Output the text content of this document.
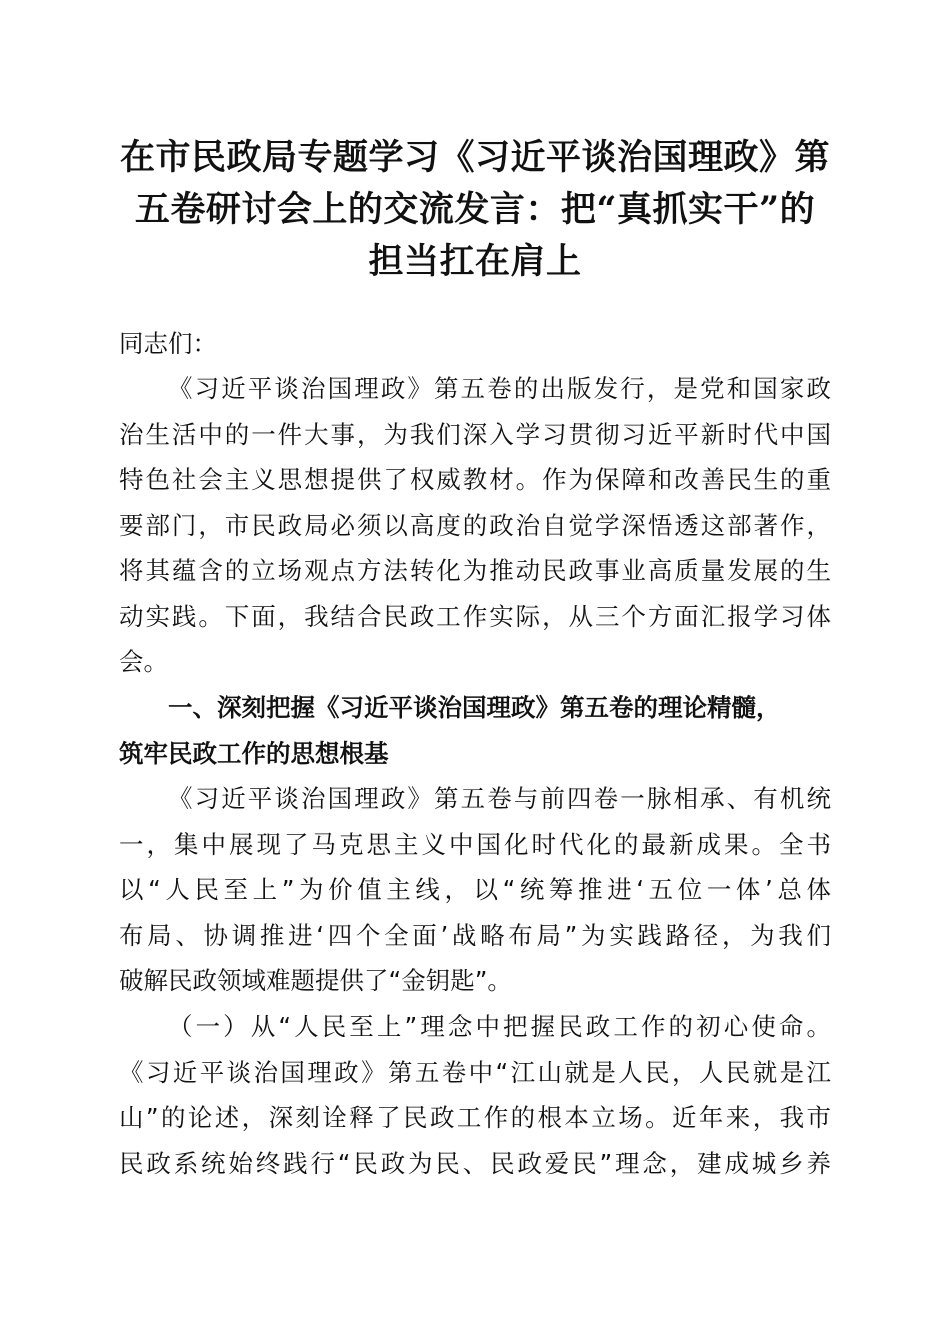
在市民政局专题学习《习近平谈治国理政》第
五卷研讨会上的交流发言：把“真抓实干”的
担当扛在肩上

同志们：

《习近平谈治国理政》第五卷的出版发行，是党和国家政
治生活中的一件大事，为我们深入学习贯彻习近平新时代中国
特色社会主义思想提供了权威教材。作为保障和改善民生的重
要部门，市民政局必须以高度的政治自觉学深悟透这部著作，
将其蕴含的立场观点方法转化为推动民政事业高质量发展的生
动实践。下面，我结合民政工作实际，从三个方面汇报学习体
会。
一、深刻把握《习近平谈治国理政》第五卷的理论精髓，
筑牢民政工作的思想根基
《习近平谈治国理政》第五卷与前四卷一脉相承、有机统
一，集中展现了马克思主义中国化时代化的最新成果。全书
以“人民至上”为价值主线，以“统筹推进‘五位一体’总体
布局、协调推进‘四个全面’战略布局”为实践路径，为我们
破解民政领域难题提供了“金钥匙”。
（一）从“人民至上”理念中把握民政工作的初心使命。
《习近平谈治国理政》第五卷中“江山就是人民，人民就是江
山”的论述，深刻诠释了民政工作的根本立场。近年来，我市
民政系统始终践行“民政为民、民政爱民”理念，建成城乡养
